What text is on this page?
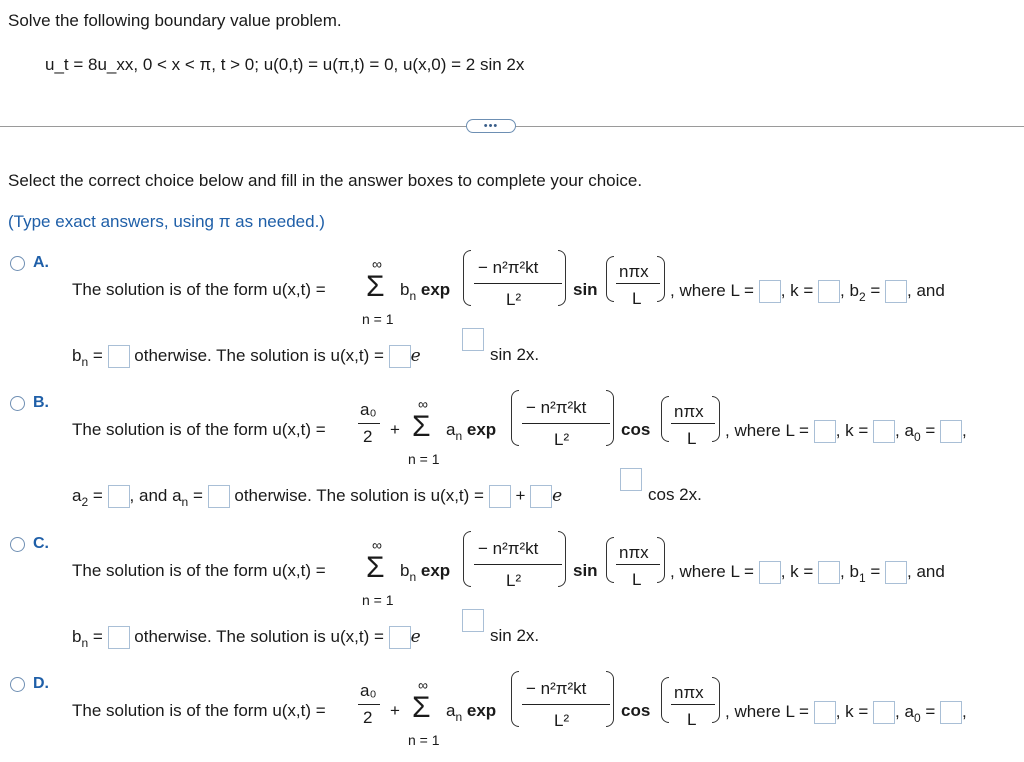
Solve the following boundary value problem.
u_t = 8u_xx, 0 < x < π, t > 0; u(0,t) = u(π,t) = 0, u(x,0) = 2 sin 2x
•••
Select the correct choice below and fill in the answer boxes to complete your choice.
(Type exact answers, using π as needed.)
A.
The solution is of the form u(x,t) =
∞
Σ
n = 1
$b_n$ exp
− n²π²kt
L²
sin
nπx
L , where L = , k = , $b_2$ = , and
$b_n$ = otherwise. The solution is u(x,t) = e	sin 2x.
B.
The solution is of the form u(x,t) =
a₀
2 +
∞
Σ
n = 1
$a_n$ exp
− n²π²kt
L²
cos
nπx
L , where L = , k = , $a_0$ = ,
$a_2$ = , and $a_n$ = otherwise. The solution is u(x,t) = + e	cos 2x.
C.
The solution is of the form u(x,t) =
∞
Σ
n = 1
$b_n$ exp
− n²π²kt
L²
sin
nπx
L , where L = , k = , $b_1$ = , and
$b_n$ = otherwise. The solution is u(x,t) = e	sin 2x.
D.
The solution is of the form u(x,t) =
a₀
2 +
∞
Σ
n = 1
$a_n$ exp
− n²π²kt
L²
cos
nπx
L , where L = , k = , $a_0$ = ,
